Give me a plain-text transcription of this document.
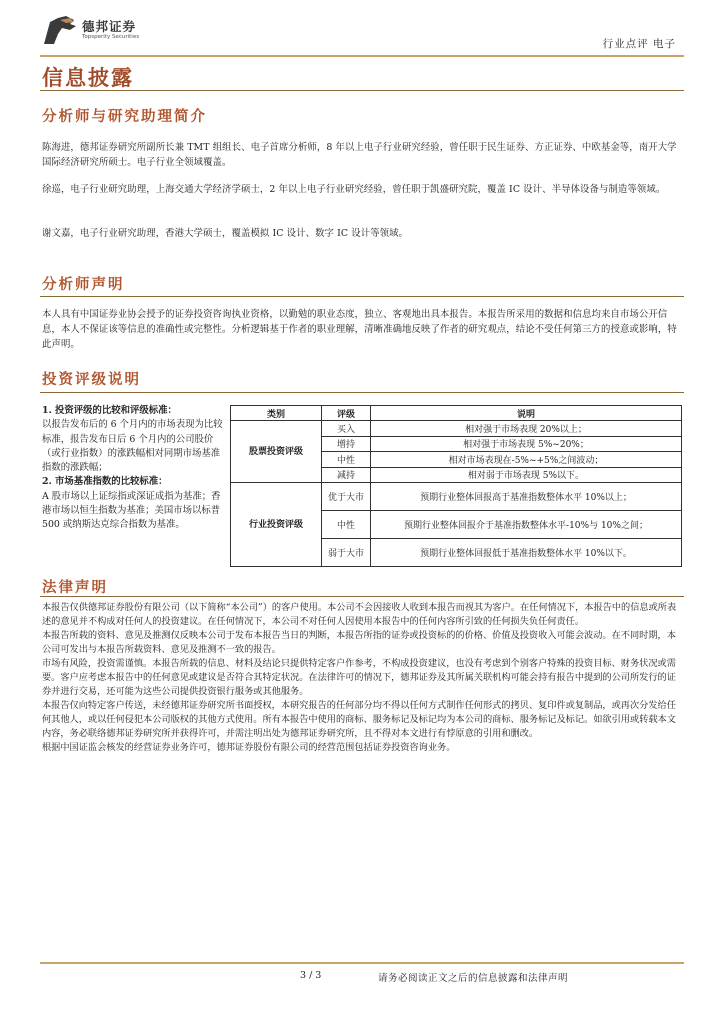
德邦证券
Topsperity Securities
行业点评 电子
信息披露
分析师与研究助理简介
陈海进，德邦证券研究所副所长兼 TMT 组组长、电子首席分析师，8 年以上电子行业研究经验，曾任职于民生证券、方正证券、中欧基金等，南开大学国际经济研究所硕士。电子行业全领域覆盖。
徐巡，电子行业研究助理，上海交通大学经济学硕士，2 年以上电子行业研究经验，曾任职于凯盛研究院，覆盖 IC 设计、半导体设备与制造等领域。
谢文嘉，电子行业研究助理，香港大学硕士，覆盖模拟 IC 设计、数字 IC 设计等领域。
分析师声明
本人具有中国证券业协会授予的证券投资咨询执业资格，以勤勉的职业态度，独立、客观地出具本报告。本报告所采用的数据和信息均来自市场公开信息，本人不保证该等信息的准确性或完整性。分析逻辑基于作者的职业理解，清晰准确地反映了作者的研究观点，结论不受任何第三方的授意或影响，特此声明。
投资评级说明

1. 投资评级的比较和评级标准：

以报告发布后的 6 个月内的市场表现为比较标准，报告发布日后 6 个月内的公司股价（或行业指数）的涨跌幅相对同期市场基准指数的涨跌幅；

2. 市场基准指数的比较标准：

A 股市场以上证综指或深证成指为基准；香港市场以恒生指数为基准；美国市场以标普 500 或纳斯达克综合指数为基准。

类别	评级	说明
股票投资评级	买入	相对强于市场表现 20%以上；
	增持	相对强于市场表现 5%~20%；
	中性	相对市场表现在-5%~+5%之间波动；
	减持	相对弱于市场表现 5%以下。
行业投资评级	优于大市	预期行业整体回报高于基准指数整体水平 10%以上；
	中性	预期行业整体回报介于基准指数整体水平-10%与 10%之间；
	弱于大市	预期行业整体回报低于基准指数整体水平 10%以下。
法律声明

本报告仅供德邦证券股份有限公司（以下简称“本公司”）的客户使用。本公司不会因接收人收到本报告而视其为客户。在任何情况下，本报告中的信息或所表述的意见并不构成对任何人的投资建议。在任何情况下，本公司不对任何人因使用本报告中的任何内容所引致的任何损失负任何责任。

本报告所载的资料、意见及推测仅反映本公司于发布本报告当日的判断，本报告所指的证券或投资标的的价格、价值及投资收入可能会波动。在不同时期，本公司可发出与本报告所载资料、意见及推测不一致的报告。

市场有风险，投资需谨慎。本报告所载的信息、材料及结论只提供特定客户作参考，不构成投资建议，也没有考虑到个别客户特殊的投资目标、财务状况或需要。客户应考虑本报告中的任何意见或建议是否符合其特定状况。在法律许可的情况下，德邦证券及其所属关联机构可能会持有报告中提到的公司所发行的证券并进行交易，还可能为这些公司提供投资银行服务或其他服务。

本报告仅向特定客户传送，未经德邦证券研究所书面授权，本研究报告的任何部分均不得以任何方式制作任何形式的拷贝、复印件或复制品，或再次分发给任何其他人，或以任何侵犯本公司版权的其他方式使用。所有本报告中使用的商标、服务标记及标记均为本公司的商标、服务标记及标记。如欲引用或转载本文内容，务必联络德邦证券研究所并获得许可，并需注明出处为德邦证券研究所，且不得对本文进行有悖原意的引用和删改。

根据中国证监会核发的经营证券业务许可，德邦证券股份有限公司的经营范围包括证券投资咨询业务。

3 / 3	请务必阅读正文之后的信息披露和法律声明
